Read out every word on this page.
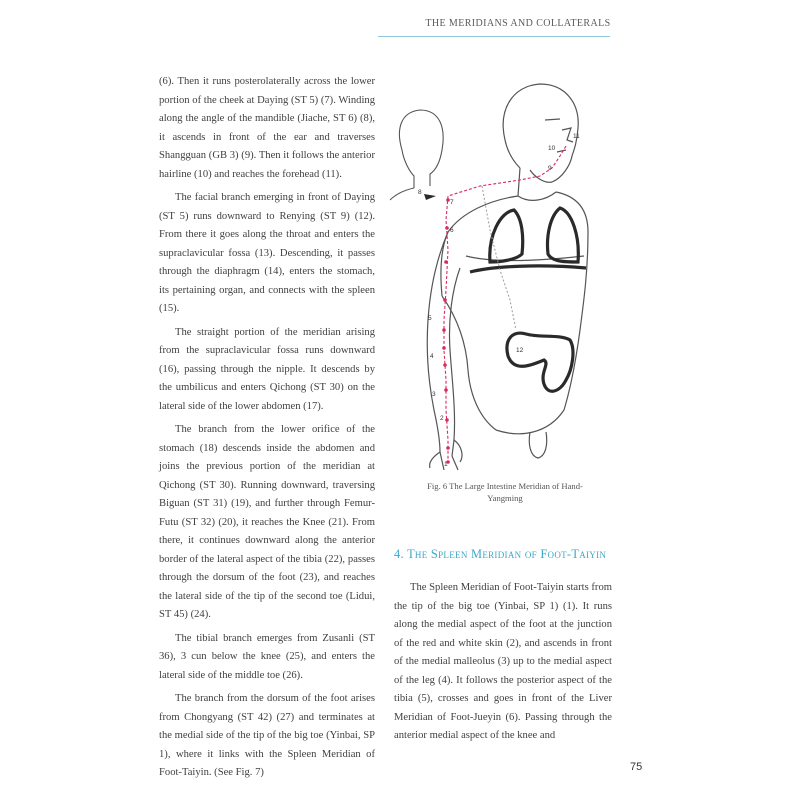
THE MERIDIANS AND COLLATERALS

(6). Then it runs posterolaterally across the lower portion of the cheek at Daying (ST 5) (7). Winding along the angle of the mandible (Jiache, ST 6) (8), it ascends in front of the ear and traverses Shangguan (GB 3) (9). Then it follows the anterior hairline (10) and reaches the forehead (11).

The facial branch emerging in front of Daying (ST 5) runs downward to Renying (ST 9) (12). From there it goes along the throat and enters the supraclavicular fossa (13). Descending, it passes through the diaphragm (14), enters the stomach, its pertaining organ, and connects with the spleen (15).

The straight portion of the meridian arising from the supraclavicular fossa runs downward (16), passing through the nipple. It descends by the umbilicus and enters Qichong (ST 30) on the lateral side of the lower abdomen (17).

The branch from the lower orifice of the stomach (18) descends inside the abdomen and joins the previous portion of the meridian at Qichong (ST 30). Running downward, traversing Biguan (ST 31) (19), and further through Femur-Futu (ST 32) (20), it reaches the Knee (21). From there, it continues downward along the anterior border of the lateral aspect of the tibia (22), passes through the dorsum of the foot (23), and reaches the lateral side of the tip of the second toe (Lidui, ST 45) (24).

The tibial branch emerges from Zusanli (ST 36), 3 cun below the knee (25), and enters the lateral side of the middle toe (26).

The branch from the dorsum of the foot arises from Chongyang (ST 42) (27) and terminates at the medial side of the tip of the big toe (Yinbai, SP 1), where it links with the Spleen Meridian of Foot-Taiyin. (See Fig. 7)

8
7
6
5
4
3
2
1
11
10
9
12
Fig. 6 The Large Intestine Meridian of Hand-Yangming
4. The Spleen Meridian of Foot-Taiyin

The Spleen Meridian of Foot-Taiyin starts from the tip of the big toe (Yinbai, SP 1) (1). It runs along the medial aspect of the foot at the junction of the red and white skin (2), and ascends in front of the medial malleolus (3) up to the medial aspect of the leg (4). It follows the posterior aspect of the tibia (5), crosses and goes in front of the Liver Meridian of Foot-Jueyin (6). Passing through the anterior medial aspect of the knee and

75
